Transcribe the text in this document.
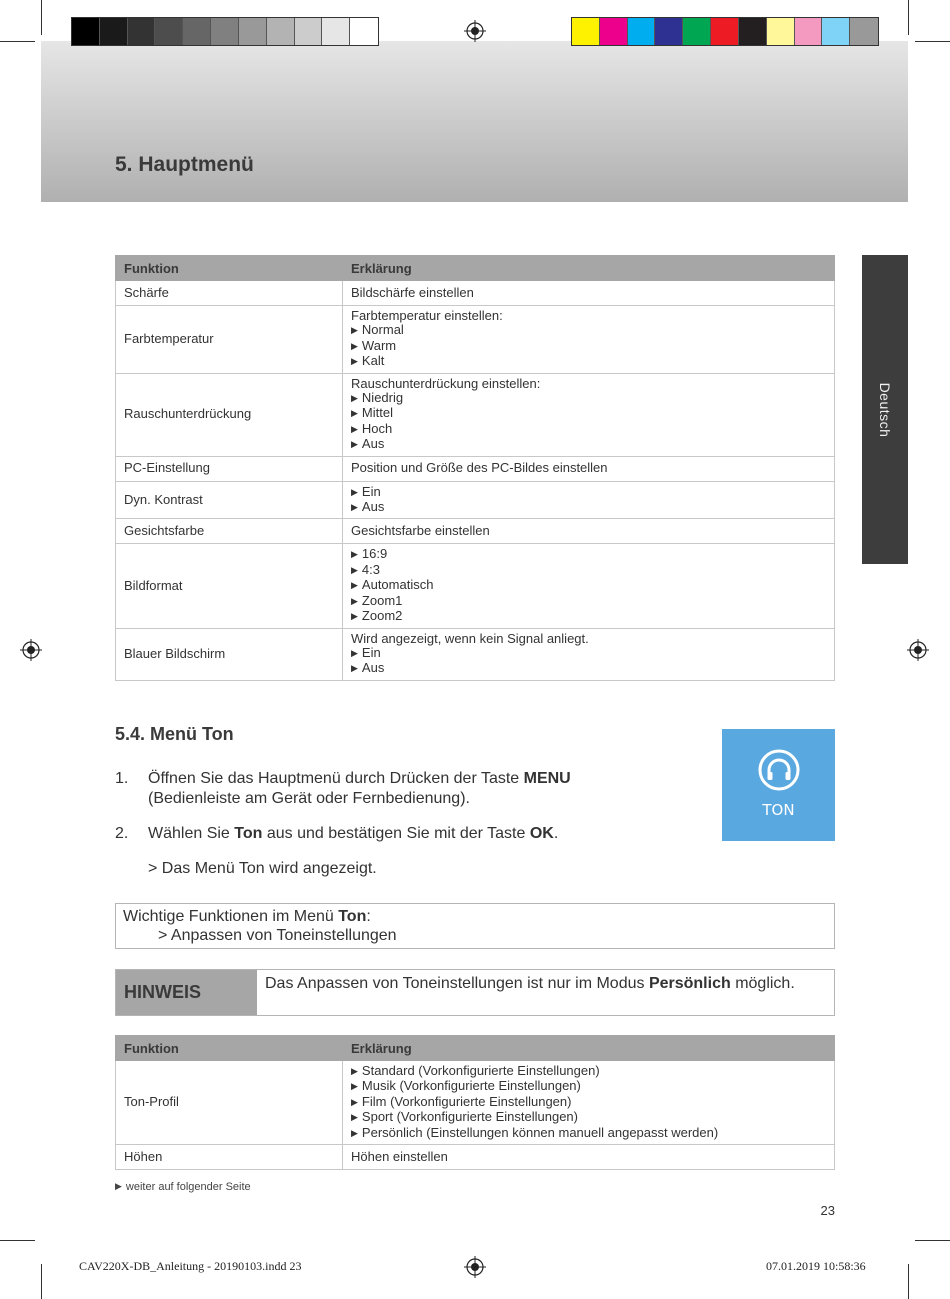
5. Hauptmenü
Deutsch
Funktion	Erklärung
Schärfe	Bildschärfe einstellen

Farbtemperatur	Farbtemperatur einstellen:
▶ Normal
▶ Warm
▶ Kalt

Rauschunterdrückung	Rauschunterdrückung einstellen:
▶ Niedrig
▶ Mittel
▶ Hoch
▶ Aus

PC-Einstellung	Position und Größe des PC-Bildes einstellen

Dyn. Kontrast	▶ Ein
▶ Aus

Gesichtsfarbe	Gesichtsfarbe einstellen

Bildformat	▶ 16:9
▶ 4:3
▶ Automatisch
▶ Zoom1
▶ Zoom2

Blauer Bildschirm	Wird angezeigt, wenn kein Signal anliegt.
▶ Ein
▶ Aus
5.4. Menü Ton
1. Öffnen Sie das Hauptmenü durch Drücken der Taste MENU
(Bedienleiste am Gerät oder Fernbedienung).
2. Wählen Sie Ton aus und bestätigen Sie mit der Taste OK.
> Das Menü Ton wird angezeigt.
TON
Wichtige Funktionen im Menü Ton:
> Anpassen von Toneinstellungen
HINWEIS	Das Anpassen von Toneinstellungen ist nur im Modus Persönlich möglich.
Funktion	Erklärung
Ton-Profil	▶ Standard (Vorkonfigurierte Einstellungen)
▶ Musik (Vorkonfigurierte Einstellungen)
▶ Film (Vorkonfigurierte Einstellungen)
▶ Sport (Vorkonfigurierte Einstellungen)
▶ Persönlich (Einstellungen können manuell angepasst werden)

Höhen	Höhen einstellen
▶ weiter auf folgender Seite
23
CAV220X-DB_Anleitung - 20190103.indd 23	07.01.2019 10:58:36
